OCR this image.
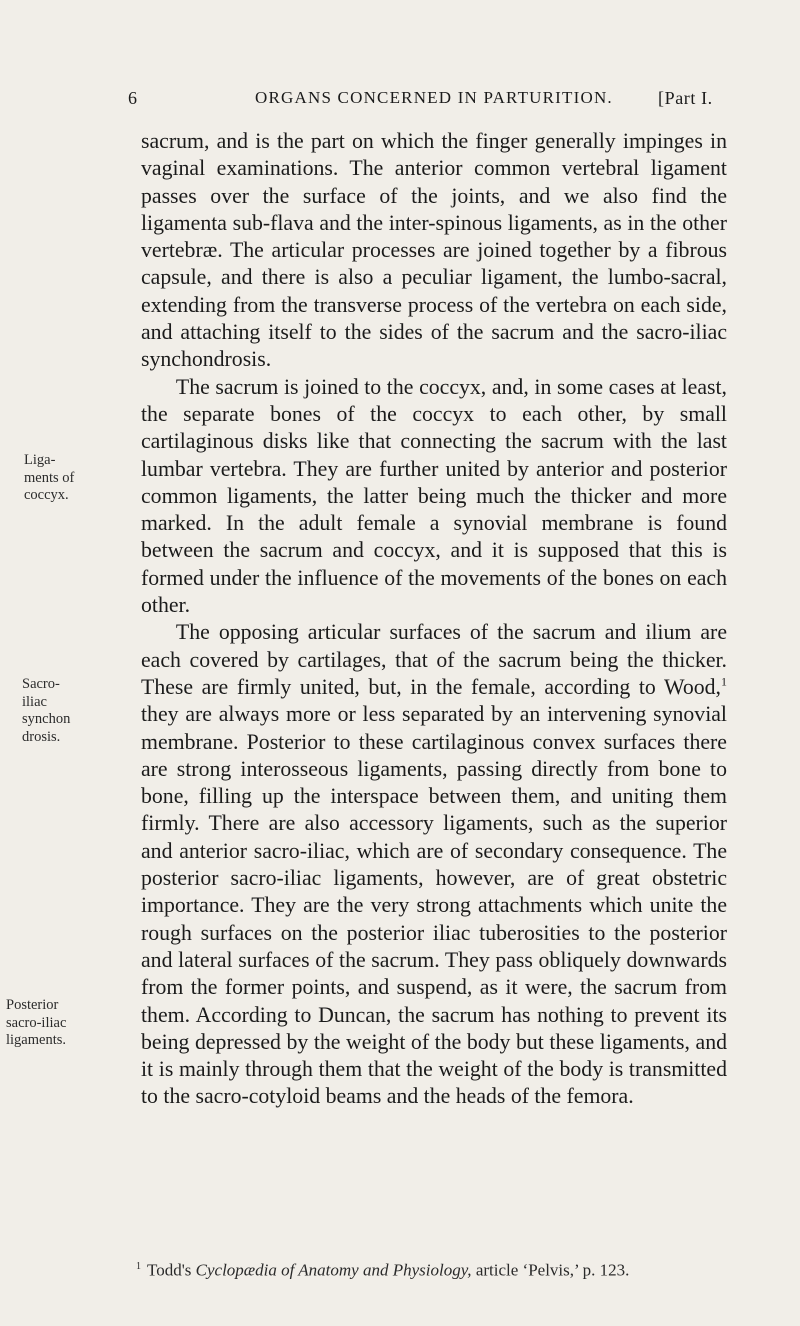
6	ORGANS CONCERNED IN PARTURITION.	[Part I.
Liga-
ments of
coccyx.
Sacro-
iliac
synchon
drosis.
Posterior
sacro-iliac
ligaments.

sacrum, and is the part on which the finger generally impinges in vaginal examinations. The anterior common vertebral ligament passes over the surface of the joints, and we also find the ligamenta sub-flava and the inter-spinous ligaments, as in the other vertebræ. The articular processes are joined together by a fibrous capsule, and there is also a peculiar ligament, the lumbo-sacral, extending from the transverse process of the vertebra on each side, and attaching itself to the sides of the sacrum and the sacro-iliac synchondrosis.

The sacrum is joined to the coccyx, and, in some cases at least, the separate bones of the coccyx to each other, by small cartilaginous disks like that connecting the sacrum with the last lumbar vertebra. They are further united by anterior and posterior common ligaments, the latter being much the thicker and more marked. In the adult female a synovial membrane is found between the sacrum and coccyx, and it is supposed that this is formed under the influence of the movements of the bones on each other.

The opposing articular surfaces of the sacrum and ilium are each covered by cartilages, that of the sacrum being the thicker. These are firmly united, but, in the female, according to Wood,$^1$ they are always more or less separated by an intervening synovial membrane. Posterior to these cartilaginous convex surfaces there are strong interosseous ligaments, passing directly from bone to bone, filling up the interspace between them, and uniting them firmly. There are also accessory ligaments, such as the superior and anterior sacro-iliac, which are of secondary consequence. The posterior sacro-iliac ligaments, however, are of great obstetric importance. They are the very strong attachments which unite the rough surfaces on the posterior iliac tuberosities to the posterior and lateral surfaces of the sacrum. They pass obliquely downwards from the former points, and suspend, as it were, the sacrum from them. According to Duncan, the sacrum has nothing to prevent its being depressed by the weight of the body but these ligaments, and it is mainly through them that the weight of the body is transmitted to the sacro-cotyloid beams and the heads of the femora.

$^1$ Todd's Cyclopædia of Anatomy and Physiology, article ‘Pelvis,’ p. 123.
